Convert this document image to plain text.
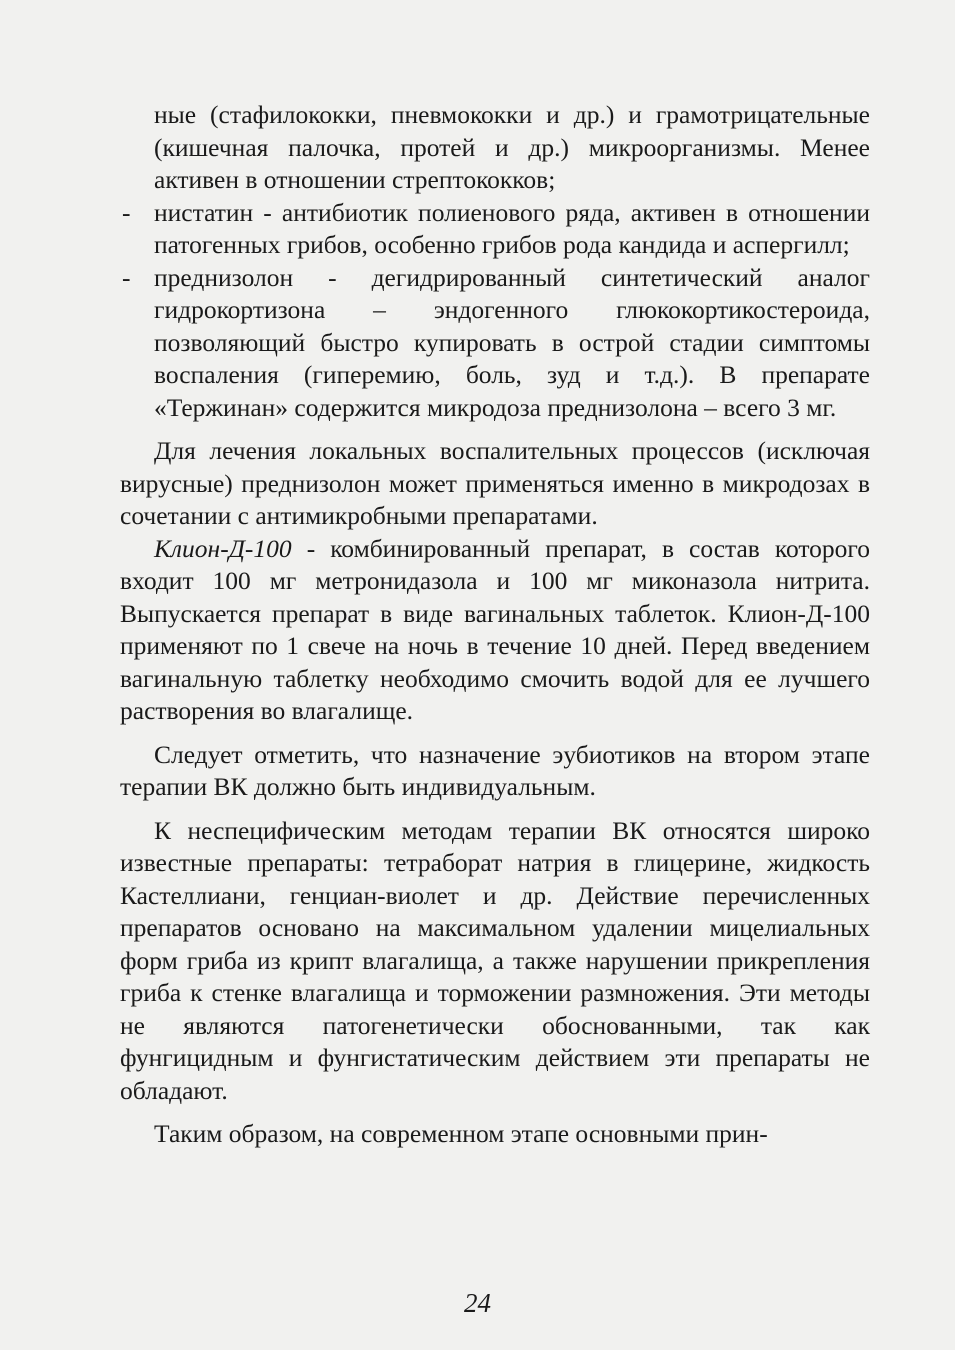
ные (стафилококки, пневмококки и др.) и грамотрицательные (кишечная палочка, протей и др.) микроорганизмы. Менее активен в отношении стрептококков;

- нистатин - антибиотик полиенового ряда, активен в отношении патогенных грибов, особенно грибов рода кандида и аспергилл;

- преднизолон - дегидрированный синтетический аналог гидрокортизона – эндогенного глюкокортикостероида, позволяющий быстро купировать в острой стадии симптомы воспаления (гиперемию, боль, зуд и т.д.). В препарате «Тержинан» содержится микродоза преднизолона – всего 3 мг.

Для лечения локальных воспалительных процессов (исключая вирусные) преднизолон может применяться именно в микродозах в сочетании с антимикробными препаратами.

Клион-Д-100 - комбинированный препарат, в состав которого входит 100 мг метронидазола и 100 мг миконазола нитрита. Выпускается препарат в виде вагинальных таблеток. Клион-Д-100 применяют по 1 свече на ночь в течение 10 дней. Перед введением вагинальную таблетку необходимо смочить водой для ее лучшего растворения во влагалище.

Следует отметить, что назначение эубиотиков на втором этапе терапии ВК должно быть индивидуальным.

К неспецифическим методам терапии ВК относятся широко известные препараты: тетраборат натрия в глицерине, жидкость Кастеллиани, генциан-виолет и др. Действие перечисленных препаратов основано на максимальном удалении мицелиальных форм гриба из крипт влагалища, а также нарушении прикрепления гриба к стенке влагалища и торможении размножения. Эти методы не являются патогенетически обоснованными, так как фунгицидным и фунгистатическим действием эти препараты не обладают.

Таким образом, на современном этапе основными прин-

24
